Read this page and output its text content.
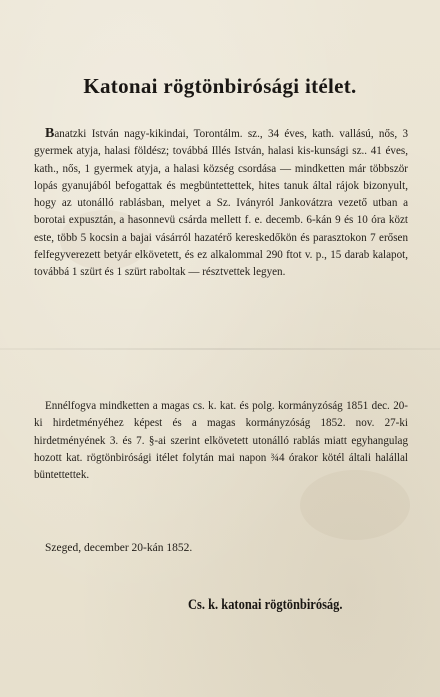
Katonai rögtönbirósági itélet.
Banatzki István nagy-kikindai, Torontálm. sz., 34 éves, kath. vallású, nős, 3 gyermek atyja, halasi földész; továbbá Illés István, halasi kis-kunsági sz.. 41 éves, kath., nős, 1 gyermek atyja, a halasi község csordása — mindketten már többször lopás gyanujából befogattak és megbüntettettek, hites tanuk által rájok bizonyult, hogy az utonálló rablásban, melyet a Sz. Iványról Jankovátzra vezető utban a borotai expusztán, a hasonnevü csárda mellett f. e. decemb. 6-kán 9 és 10 óra közt este, több 5 kocsin a bajai vásárról hazatérő kereskedőkön és parasztokon 7 erősen felfegyverezett betyár elkövetett, és ez alkalommal 290 ftot v. p., 15 darab kalapot, továbbá 1 szürt és 1 szürt raboltak — résztvettek legyen.
Ennélfogva mindketten a magas cs. k. kat. és polg. kormányzóság 1851 dec. 20-ki hirdetményéhez képest és a magas kormányzóság 1852. nov. 27-ki hirdetményének 3. és 7. §-ai szerint elkövetett utonálló rablás miatt egyhangulag hozott kat. rögtönbirósági itélet folytán mai napon ¾4 órakor kötél általi halállal büntettettek.
Szeged, december 20-kán 1852.
Cs. k. katonai rögtönbiróság.
